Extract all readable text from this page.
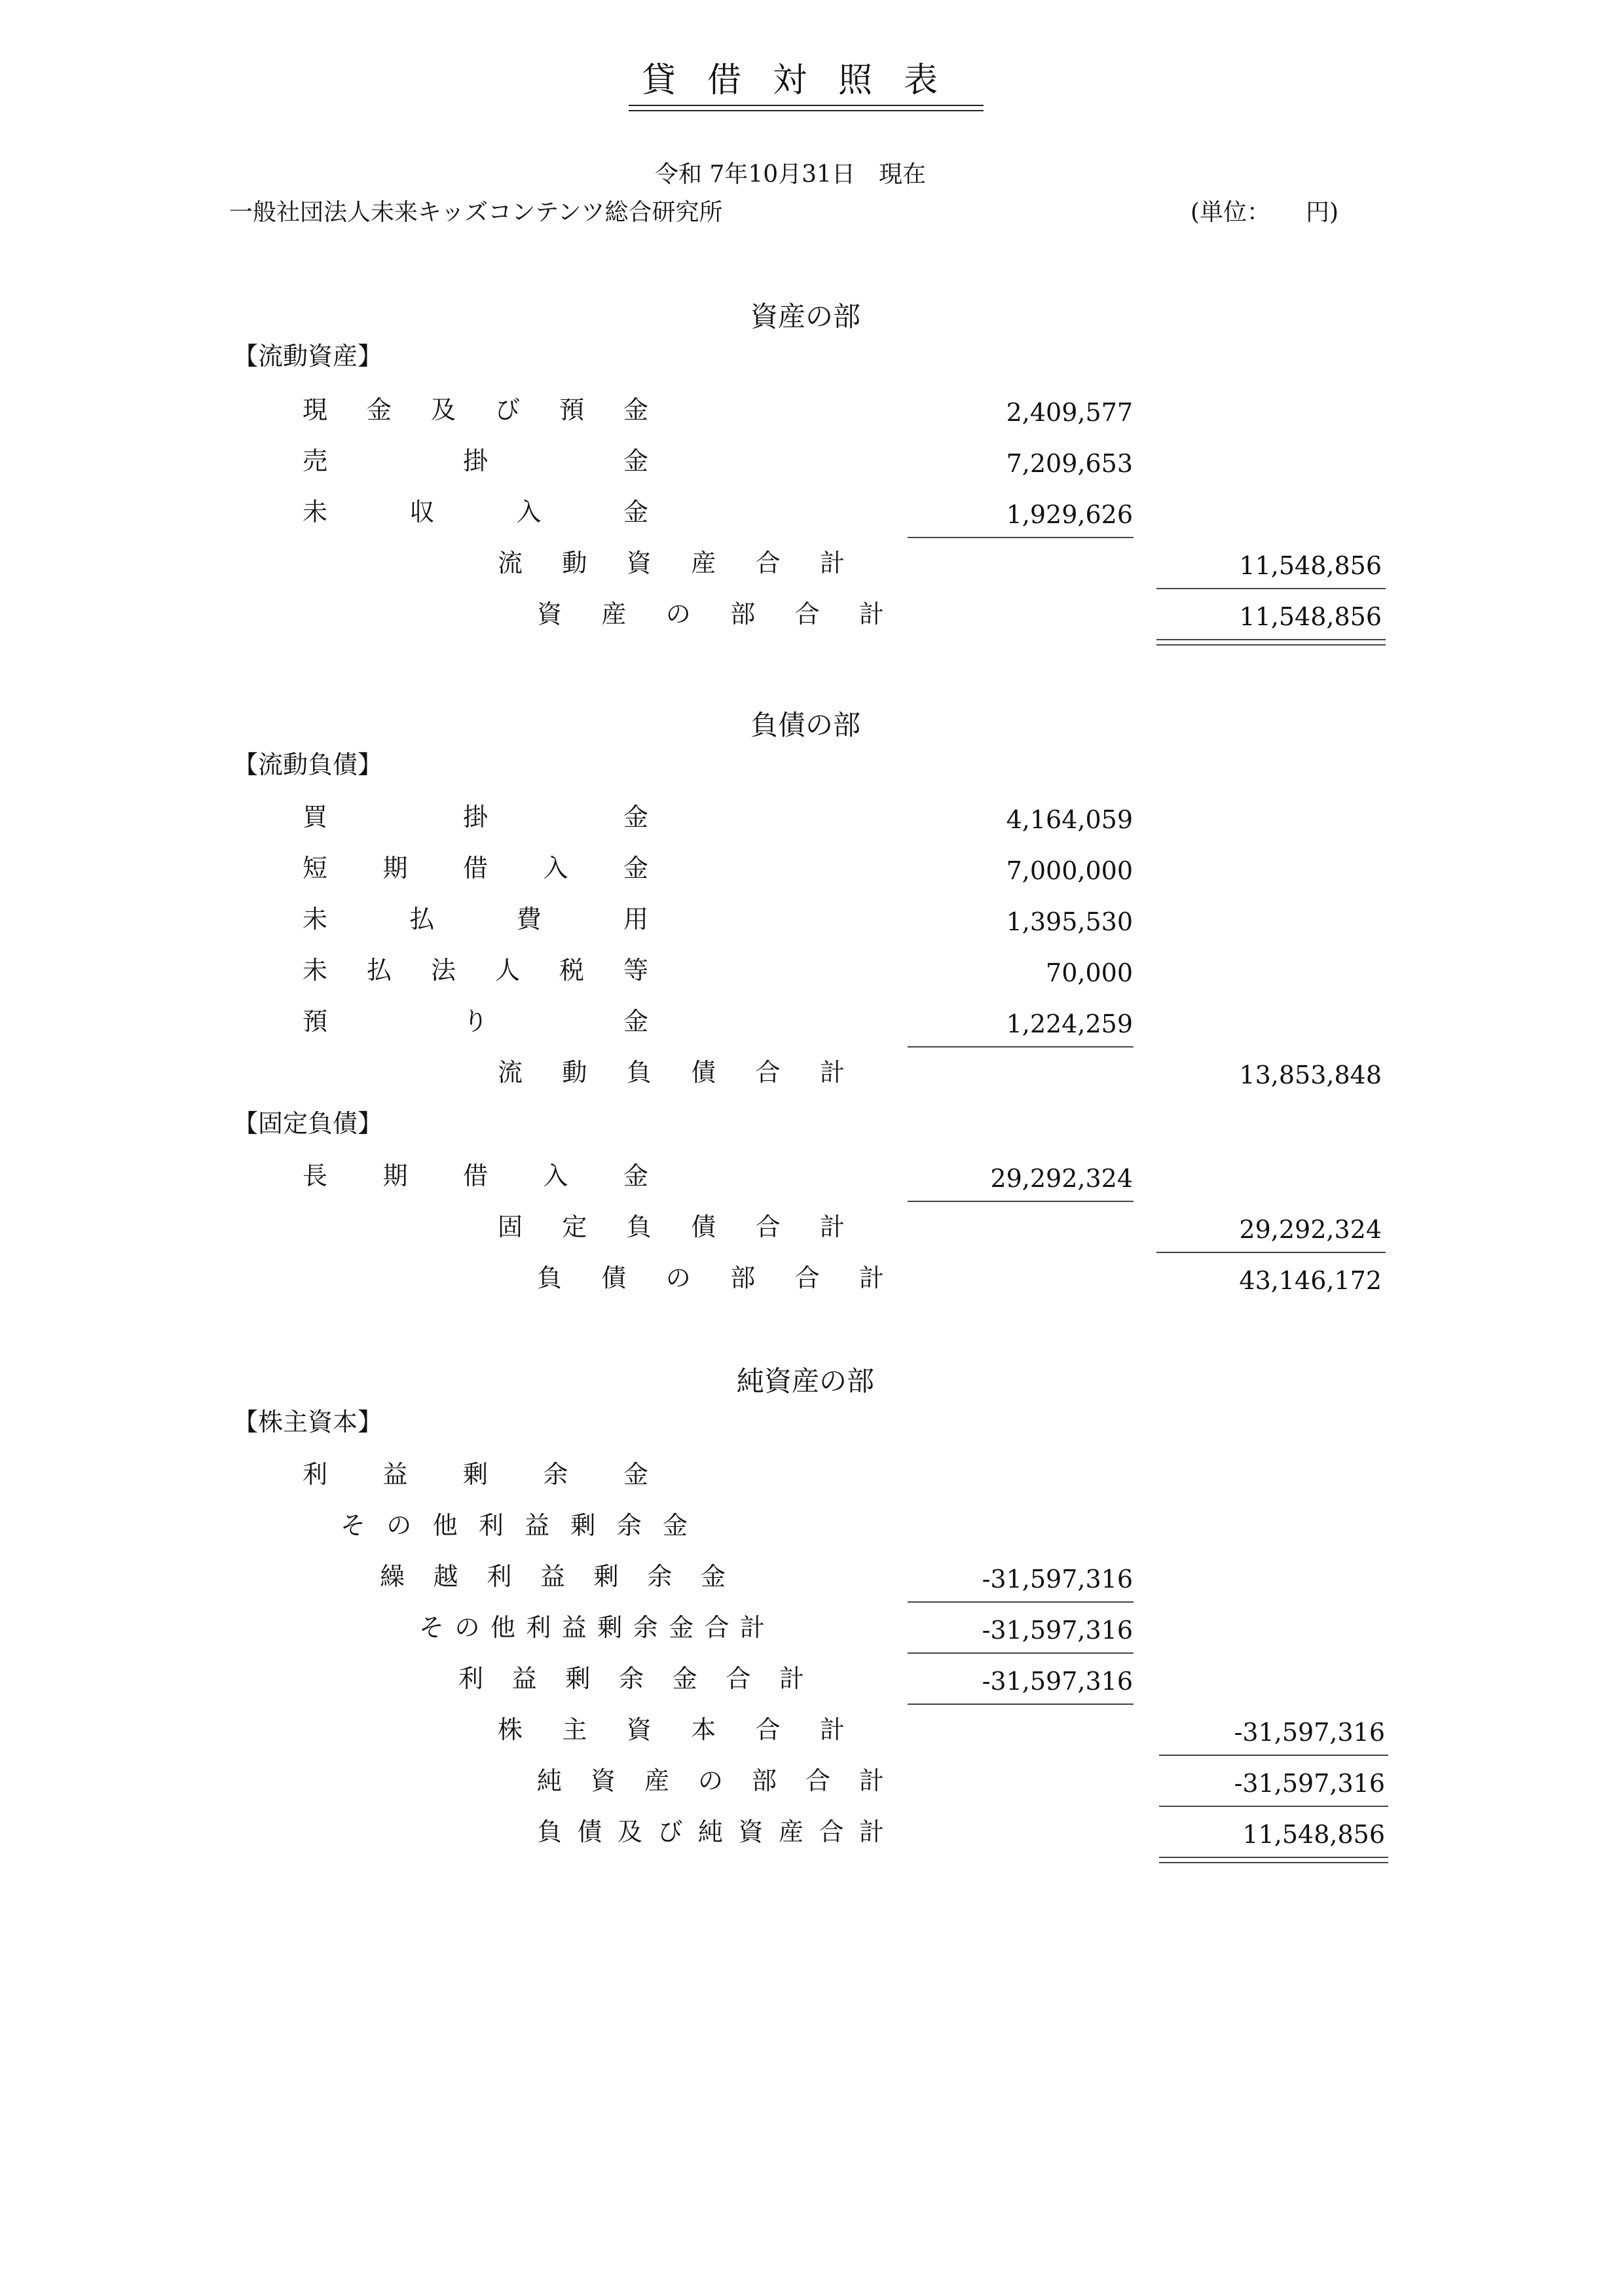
貸借対照表
令和 7年10月31日　現在
一般社団法人未来キッズコンテンツ総合研究所	(単位：　　円)
資産の部
【流動資産】
現金及び預金	2,409,577
売掛金	7,209,653
未収入金	1,929,626
流動資産合計	11,548,856
資産の部合計	11,548,856
負債の部
【流動負債】
買掛金	4,164,059
短期借入金	7,000,000
未払費用	1,395,530
未払法人税等	70,000
預り金	1,224,259
流動負債合計	13,853,848
【固定負債】
長期借入金	29,292,324
固定負債合計	29,292,324
負債の部合計	43,146,172
純資産の部
【株主資本】
利益剰余金
その他利益剰余金
繰越利益剰余金	-31,597,316
その他利益剰余金合計	-31,597,316
利益剰余金合計	-31,597,316
株主資本合計	-31,597,316
純資産の部合計	-31,597,316
負債及び純資産合計	11,548,856
